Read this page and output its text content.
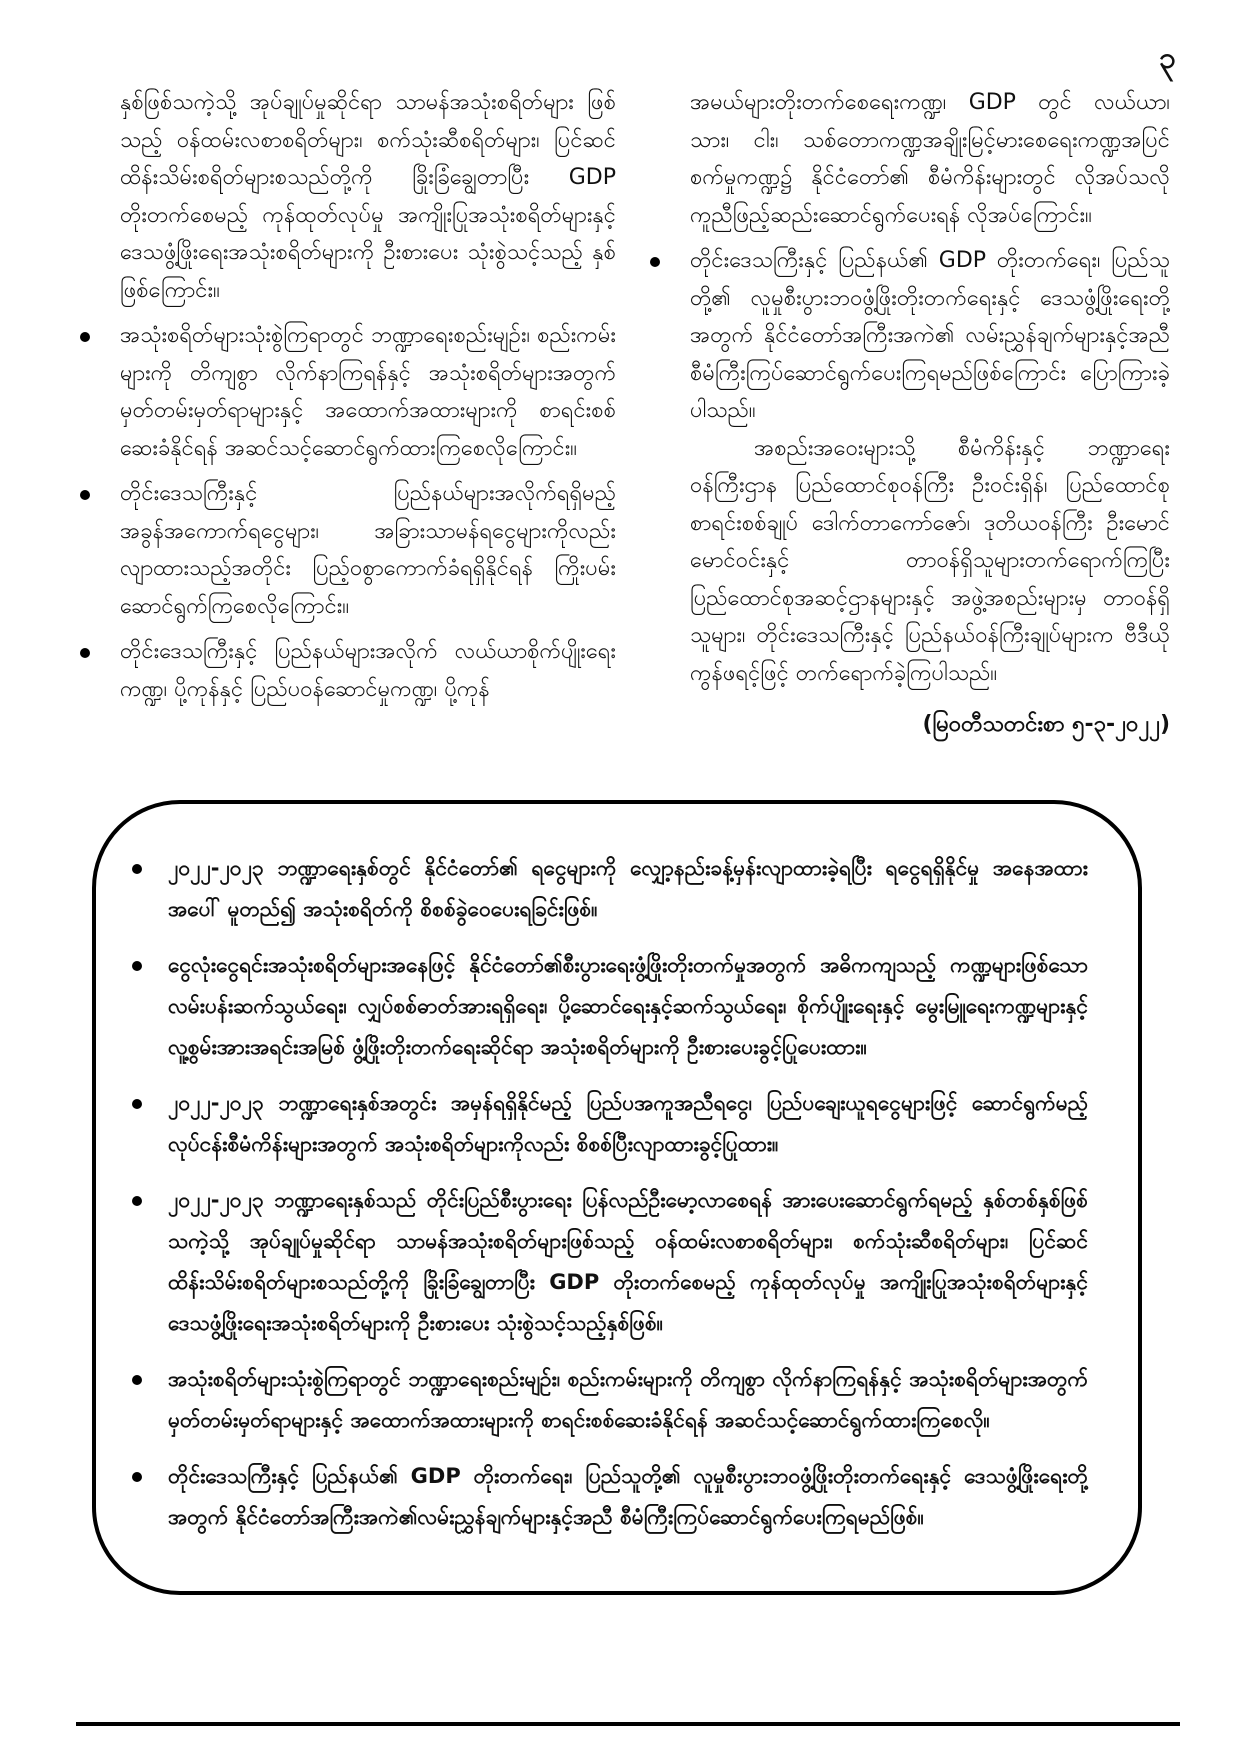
၃

နှစ်ဖြစ်သကဲ့သို့ အုပ်ချုပ်မှုဆိုင်ရာ သာမန်အသုံးစရိတ်များ ဖြစ်သည့် ဝန်ထမ်းလစာစရိတ်များ၊ စက်သုံးဆီစရိတ်များ၊ ပြင်ဆင်ထိန်းသိမ်းစရိတ်များစသည်တို့ကို ခြိုးခြံချွေတာပြီး GDP တိုးတက်စေမည့် ကုန်ထုတ်လုပ်မှု အကျိုးပြုအသုံးစရိတ်များနှင့် ဒေသဖွံ့ဖြိုးရေးအသုံးစရိတ်များကို ဦးစားပေး သုံးစွဲသင့်သည့် နှစ်ဖြစ်ကြောင်း။

အသုံးစရိတ်များသုံးစွဲကြရာတွင် ဘဏ္ဍာရေးစည်းမျဉ်း၊ စည်းကမ်းများကို တိကျစွာ လိုက်နာကြရန်နှင့် အသုံးစရိတ်များအတွက် မှတ်တမ်းမှတ်ရာများနှင့် အထောက်အထားများကို စာရင်းစစ်ဆေးခံနိုင်ရန် အဆင်သင့်ဆောင်ရွက်ထားကြစေလိုကြောင်း။
တိုင်းဒေသကြီးနှင့် ပြည်နယ်များအလိုက်ရရှိမည့် အခွန်အကောက်ရငွေများ၊ အခြားသာမန်ရငွေများကိုလည်း လျာထားသည့်အတိုင်း ပြည့်ဝစွာကောက်ခံရရှိနိုင်ရန် ကြိုးပမ်းဆောင်ရွက်ကြစေလိုကြောင်း။
တိုင်းဒေသကြီးနှင့် ပြည်နယ်များအလိုက် လယ်ယာစိုက်ပျိုးရေးကဏ္ဍ၊ ပို့ကုန်နှင့် ပြည်ပဝန်ဆောင်မှုကဏ္ဍ၊ ပို့ကုန်

အမယ်များတိုးတက်စေရေးကဏ္ဍ၊ GDP တွင် လယ်ယာ၊ သား၊ ငါး၊ သစ်တောကဏ္ဍအချိုးမြင့်မားစေရေးကဏ္ဍအပြင် စက်မှုကဏ္ဍ၌ နိုင်ငံတော်၏ စီမံကိန်းများတွင် လိုအပ်သလို ကူညီဖြည့်ဆည်းဆောင်ရွက်ပေးရန် လိုအပ်ကြောင်း။

တိုင်းဒေသကြီးနှင့် ပြည်နယ်၏ GDP တိုးတက်ရေး၊ ပြည်သူတို့၏ လူမှုစီးပွားဘဝဖွံ့ဖြိုးတိုးတက်ရေးနှင့် ဒေသဖွံ့ဖြိုးရေးတို့အတွက် နိုင်ငံတော်အကြီးအကဲ၏ လမ်းညွှန်ချက်များနှင့်အညီ စီမံကြီးကြပ်ဆောင်ရွက်ပေးကြရမည်ဖြစ်ကြောင်း ပြောကြားခဲ့ပါသည်။

အစည်းအဝေးများသို့ စီမံကိန်းနှင့် ဘဏ္ဍာရေးဝန်ကြီးဌာန ပြည်ထောင်စုဝန်ကြီး ဦးဝင်းရှိန်၊ ပြည်ထောင်စုစာရင်းစစ်ချုပ် ဒေါက်တာကော်ဇော်၊ ဒုတိယဝန်ကြီး ဦးမောင်မောင်ဝင်းနှင့် တာဝန်ရှိသူများတက်ရောက်ကြပြီး ပြည်ထောင်စုအဆင့်ဌာနများနှင့် အဖွဲ့အစည်းများမှ တာဝန်ရှိသူများ၊ တိုင်းဒေသကြီးနှင့် ပြည်နယ်ဝန်ကြီးချုပ်များက ဗီဒီယိုကွန်ဖရင့်ဖြင့် တက်ရောက်ခဲ့ကြပါသည်။

(မြဝတီသတင်းစာ ၅-၃-၂၀၂၂)
၂၀၂၂-၂၀၂၃ ဘဏ္ဍာရေးနှစ်တွင် နိုင်ငံတော်၏ ရငွေများကို လျှော့နည်းခန့်မှန်းလျာထားခဲ့ရပြီး ရငွေရရှိနိုင်မှု အနေအထားအပေါ် မူတည်၍ အသုံးစရိတ်ကို စိစစ်ခွဲဝေပေးရခြင်းဖြစ်။
ငွေလုံးငွေရင်းအသုံးစရိတ်များအနေဖြင့် နိုင်ငံတော်၏စီးပွားရေးဖွံ့ဖြိုးတိုးတက်မှုအတွက် အဓိကကျသည့် ကဏ္ဍများဖြစ်သော လမ်းပန်းဆက်သွယ်ရေး၊ လျှပ်စစ်ဓာတ်အားရရှိရေး၊ ပို့ဆောင်ရေးနှင့်ဆက်သွယ်ရေး၊ စိုက်ပျိုးရေးနှင့် မွေးမြူရေးကဏ္ဍများနှင့် လူ့စွမ်းအားအရင်းအမြစ် ဖွံ့ဖြိုးတိုးတက်ရေးဆိုင်ရာ အသုံးစရိတ်များကို ဦးစားပေးခွင့်ပြုပေးထား။
၂၀၂၂-၂၀၂၃ ဘဏ္ဍာရေးနှစ်အတွင်း အမှန်ရရှိနိုင်မည့် ပြည်ပအကူအညီရငွေ၊ ပြည်ပချေးယူရငွေများဖြင့် ဆောင်ရွက်မည့်လုပ်ငန်းစီမံကိန်းများအတွက် အသုံးစရိတ်များကိုလည်း စိစစ်ပြီးလျာထားခွင့်ပြုထား။
၂၀၂၂-၂၀၂၃ ဘဏ္ဍာရေးနှစ်သည် တိုင်းပြည်စီးပွားရေး ပြန်လည်ဦးမော့လာစေရန် အားပေးဆောင်ရွက်ရမည့် နှစ်တစ်နှစ်ဖြစ်သကဲ့သို့ အုပ်ချုပ်မှုဆိုင်ရာ သာမန်အသုံးစရိတ်များဖြစ်သည့် ဝန်ထမ်းလစာစရိတ်များ၊ စက်သုံးဆီစရိတ်များ၊ ပြင်ဆင်ထိန်းသိမ်းစရိတ်များစသည်တို့ကို ခြိုးခြံချွေတာပြီး GDP တိုးတက်စေမည့် ကုန်ထုတ်လုပ်မှု အကျိုးပြုအသုံးစရိတ်များနှင့် ဒေသဖွံ့ဖြိုးရေးအသုံးစရိတ်များကို ဦးစားပေး သုံးစွဲသင့်သည့်နှစ်ဖြစ်။
အသုံးစရိတ်များသုံးစွဲကြရာတွင် ဘဏ္ဍာရေးစည်းမျဉ်း၊ စည်းကမ်းများကို တိကျစွာ လိုက်နာကြရန်နှင့် အသုံးစရိတ်များအတွက် မှတ်တမ်းမှတ်ရာများနှင့် အထောက်အထားများကို စာရင်းစစ်ဆေးခံနိုင်ရန် အဆင်သင့်ဆောင်ရွက်ထားကြစေလို။
တိုင်းဒေသကြီးနှင့် ပြည်နယ်၏ GDP တိုးတက်ရေး၊ ပြည်သူတို့၏ လူမှုစီးပွားဘဝဖွံ့ဖြိုးတိုးတက်ရေးနှင့် ဒေသဖွံ့ဖြိုးရေးတို့အတွက် နိုင်ငံတော်အကြီးအကဲ၏လမ်းညွှန်ချက်များနှင့်အညီ စီမံကြီးကြပ်ဆောင်ရွက်ပေးကြရမည်ဖြစ်။
